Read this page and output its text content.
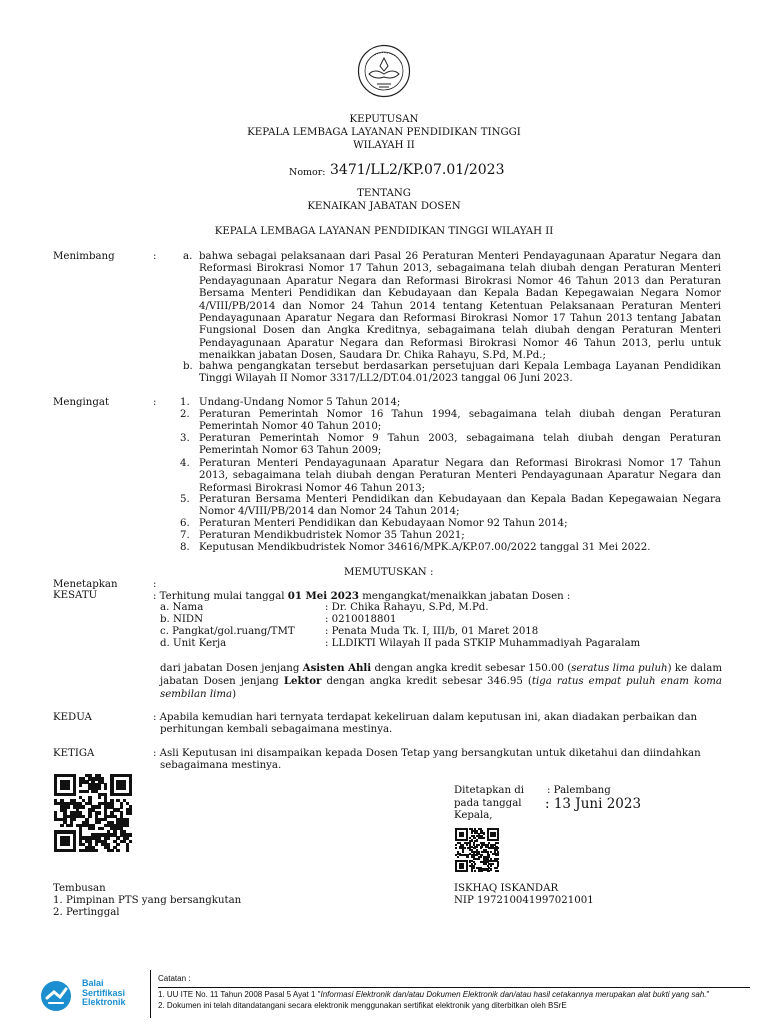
KEPUTUSAN
KEPALA LEMBAGA LAYANAN PENDIDIKAN TINGGI
WILAYAH II
Nomor: 3471/LL2/KP.07.01/2023
TENTANG
KENAIKAN JABATAN DOSEN
KEPALA LEMBAGA LAYANAN PENDIDIKAN TINGGI WILAYAH II
Menimbang	:	a. bahwa sebagai pelaksanaan dari Pasal 26 Peraturan Menteri Pendayagunaan Aparatur Negara dan Reformasi Birokrasi Nomor 17 Tahun 2013, sebagaimana telah diubah dengan Peraturan Menteri Pendayagunaan Aparatur Negara dan Reformasi Birokrasi Nomor 46 Tahun 2013 dan Peraturan Bersama Menteri Pendidikan dan Kebudayaan dan Kepala Badan Kepegawaian Negara Nomor 4/VIII/PB/2014 dan Nomor 24 Tahun 2014 tentang Ketentuan Pelaksanaan Peraturan Menteri Pendayagunaan Aparatur Negara dan Reformasi Birokrasi Nomor 17 Tahun 2013 tentang Jabatan Fungsional Dosen dan Angka Kreditnya, sebagaimana telah diubah dengan Peraturan Menteri Pendayagunaan Aparatur Negara dan Reformasi Birokrasi Nomor 46 Tahun 2013, perlu untuk menaikkan jabatan Dosen, Saudara Dr. Chika Rahayu, S.Pd, M.Pd.;
b. bahwa pengangkatan tersebut berdasarkan persetujuan dari Kepala Lembaga Layanan Pendidikan Tinggi Wilayah II Nomor 3317/LL2/DT.04.01/2023 tanggal 06 Juni 2023.
Mengingat	: 1. Undang-Undang Nomor 5 Tahun 2014;
2. Peraturan Pemerintah Nomor 16 Tahun 1994, sebagaimana telah diubah dengan Peraturan Pemerintah Nomor 40 Tahun 2010;
3. Peraturan Pemerintah Nomor 9 Tahun 2003, sebagaimana telah diubah dengan Peraturan Pemerintah Nomor 63 Tahun 2009;
4. Peraturan Menteri Pendayagunaan Aparatur Negara dan Reformasi Birokrasi Nomor 17 Tahun 2013, sebagaimana telah diubah dengan Peraturan Menteri Pendayagunaan Aparatur Negara dan Reformasi Birokrasi Nomor 46 Tahun 2013;
5. Peraturan Bersama Menteri Pendidikan dan Kebudayaan dan Kepala Badan Kepegawaian Negara Nomor 4/VIII/PB/2014 dan Nomor 24 Tahun 2014;
6. Peraturan Menteri Pendidikan dan Kebudayaan Nomor 92 Tahun 2014;
7. Peraturan Mendikbudristek Nomor 35 Tahun 2021;
8. Keputusan Mendikbudristek Nomor 34616/MPK.A/KP.07.00/2022 tanggal 31 Mei 2022.
MEMUTUSKAN :
Menetapkan	:
KESATU	: Terhitung mulai tanggal 01 Mei 2023 mengangkat/menaikkan jabatan Dosen :
a. Nama	: Dr. Chika Rahayu, S.Pd, M.Pd.
b. NIDN	: 0210018801
c. Pangkat/gol.ruang/TMT	: Penata Muda Tk. I, III/b, 01 Maret 2018
d. Unit Kerja	: LLDIKTI Wilayah II pada STKIP Muhammadiyah Pagaralam
dari jabatan Dosen jenjang Asisten Ahli dengan angka kredit sebesar 150.00 (seratus lima puluh) ke dalam jabatan Dosen jenjang Lektor dengan angka kredit sebesar 346.95 (tiga ratus empat puluh enam koma sembilan lima)
KEDUA	: Apabila kemudian hari ternyata terdapat kekeliruan dalam keputusan ini, akan diadakan perbaikan dan perhitungan kembali sebagaimana mestinya.
KETIGA	: Asli Keputusan ini disampaikan kepada Dosen Tetap yang bersangkutan untuk diketahui dan diindahkan sebagaimana mestinya.
Ditetapkan di : Palembang
pada tanggal : 13 Juni 2023
Kepala,
ISKHAQ ISKANDAR
NIP 197210041997021001
Tembusan
1. Pimpinan PTS yang bersangkutan
2. Pertinggal
Balai
Sertifikasi
Elektronik
Catatan :
1. UU ITE No. 11 Tahun 2008 Pasal 5 Ayat 1 "Informasi Elektronik dan/atau Dokumen Elektronik dan/atau hasil cetakannya merupakan alat bukti yang sah."
2. Dokumen ini telah ditandatangani secara elektronik menggunakan sertifikat elektronik yang diterbitkan oleh BSrE
